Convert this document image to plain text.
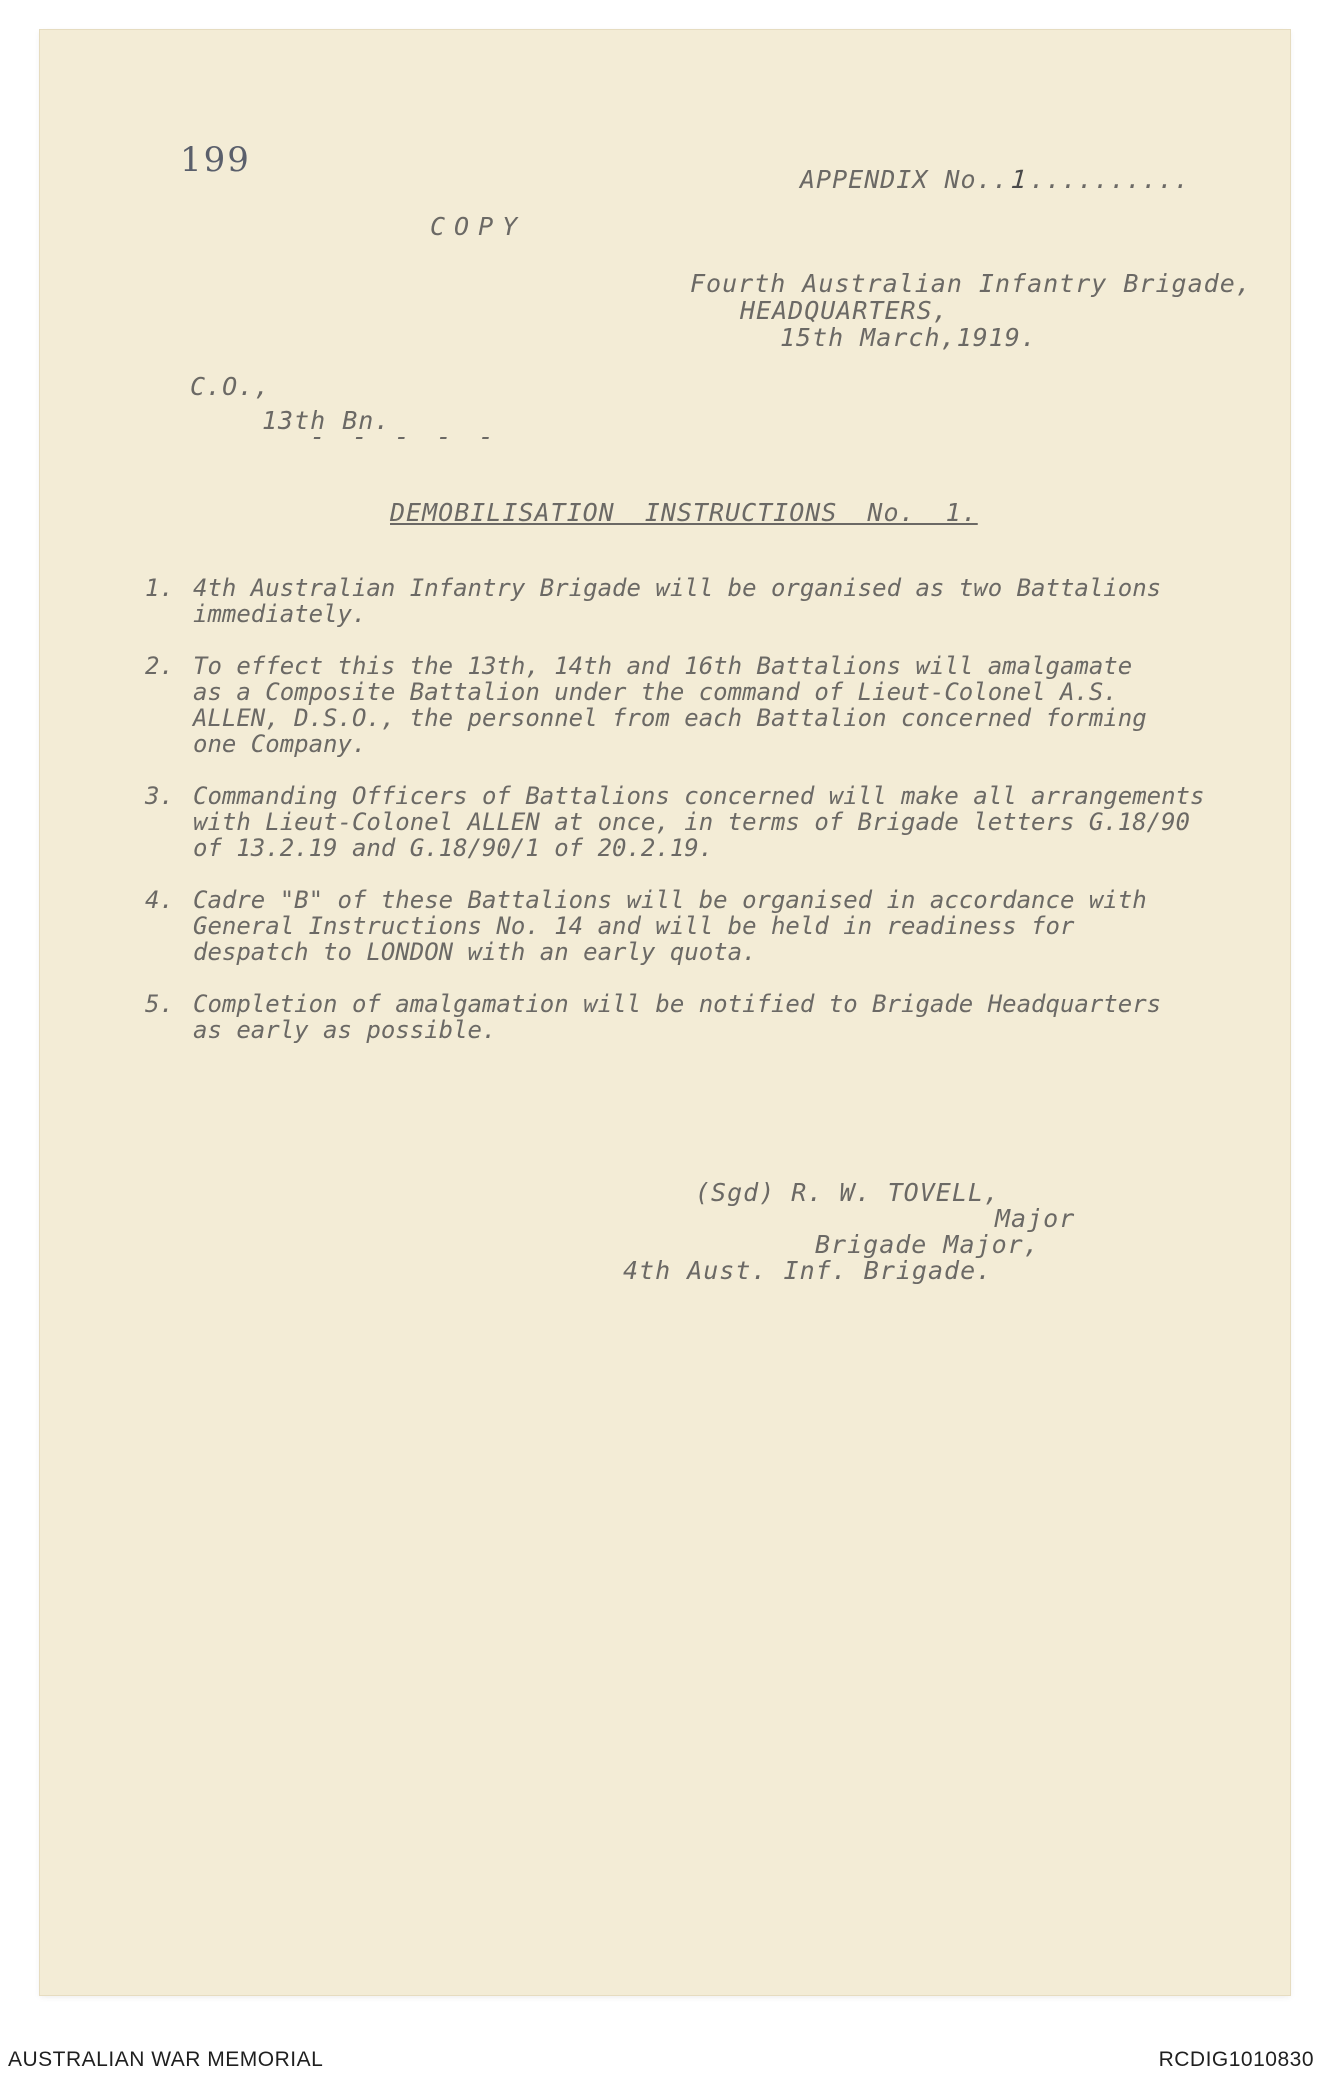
199	APPENDIX No..1..........
COPY
Fourth Australian Infantry Brigade,
HEADQUARTERS,
15th March,1919.
C.O.,
13th Bn.
- - - - -
DEMOBILISATION INSTRUCTIONS No. 1.
1. 4th Australian Infantry Brigade will be organised as two Battalions
immediately.
2. To effect this the 13th, 14th and 16th Battalions will amalgamate
as a Composite Battalion under the command of Lieut-Colonel A.S.
ALLEN, D.S.O., the personnel from each Battalion concerned forming
one Company.
3. Commanding Officers of Battalions concerned will make all arrangements
with Lieut-Colonel ALLEN at once, in terms of Brigade letters G.18/90
of 13.2.19 and G.18/90/1 of 20.2.19.
4. Cadre "B" of these Battalions will be organised in accordance with
General Instructions No. 14 and will be held in readiness for
despatch to LONDON with an early quota.
5. Completion of amalgamation will be notified to Brigade Headquarters
as early as possible.
(Sgd) R. W. TOVELL,
Major
Brigade Major,
4th Aust. Inf. Brigade.
AUSTRALIAN WAR MEMORIAL	RCDIG1010830
